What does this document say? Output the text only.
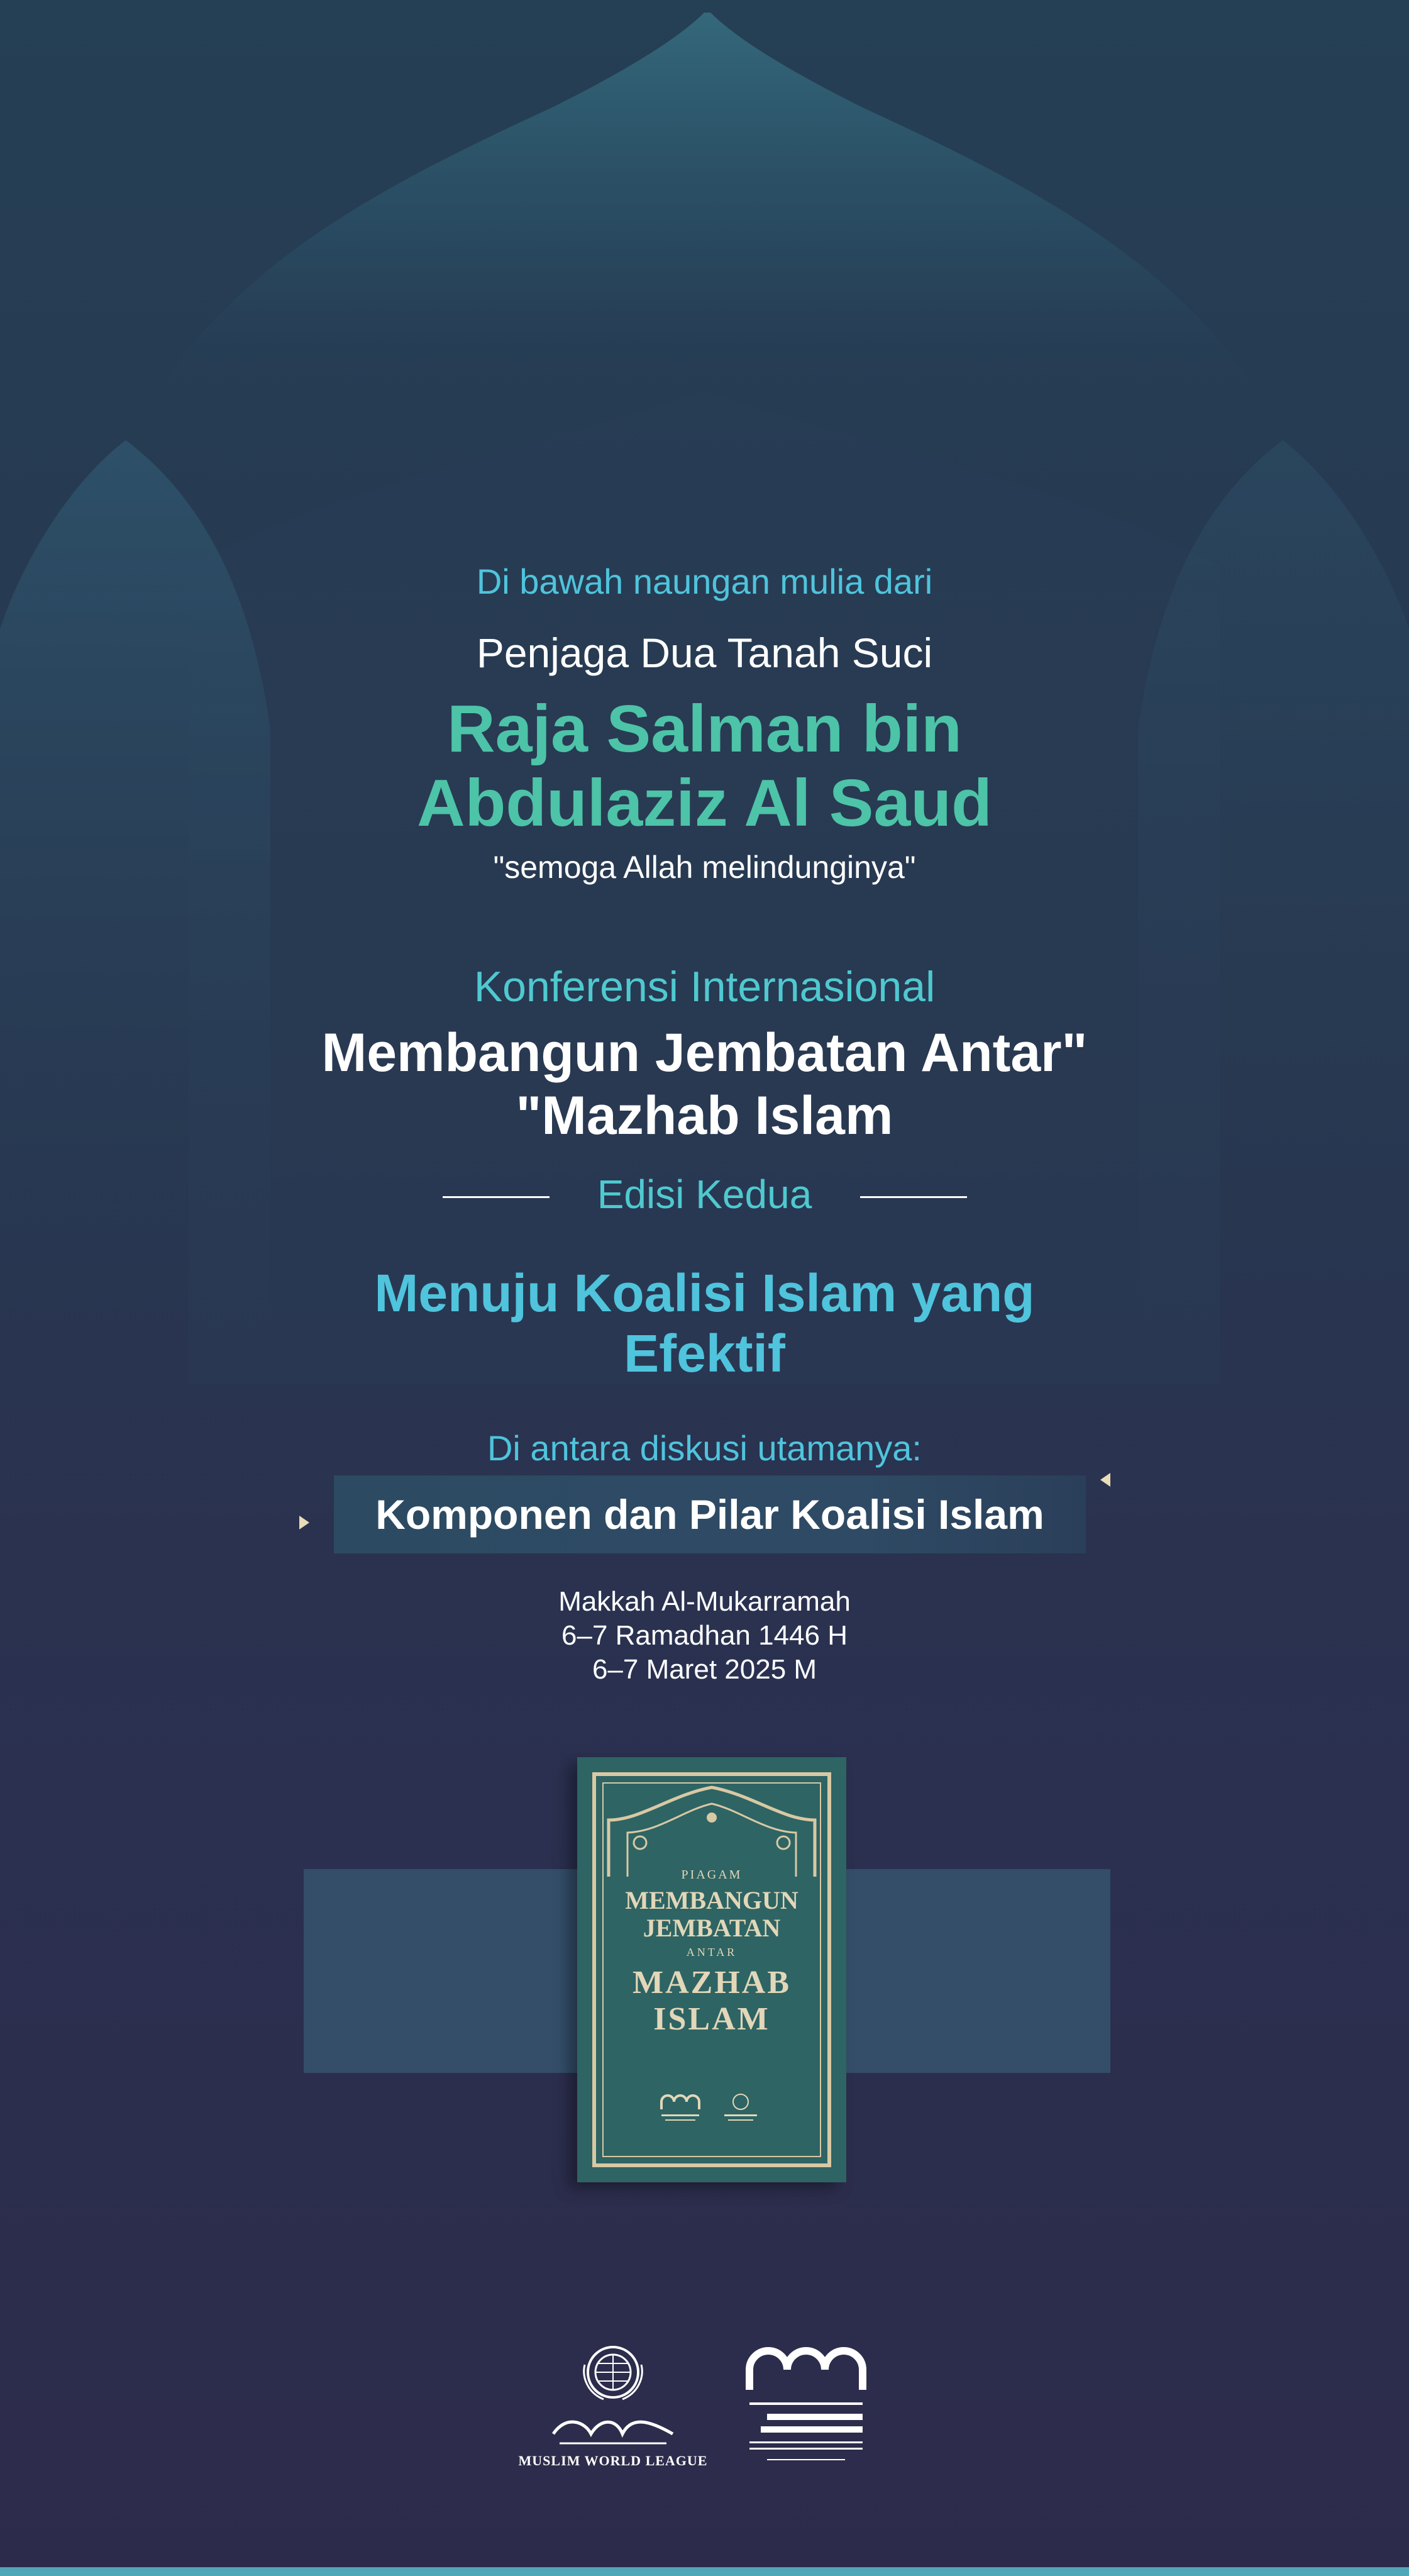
Di bawah naungan mulia dari
Penjaga Dua Tanah Suci
Raja Salman bin
Abdulaziz Al Saud
"semoga Allah melindunginya"
Konferensi Internasional
Membangun Jembatan Antar"
"Mazhab Islam
Edisi Kedua
Menuju Koalisi Islam yang
Efektif
Di antara diskusi utamanya:
Komponen dan Pilar Koalisi Islam
Makkah Al-Mukarramah
6–7 Ramadhan 1446 H
6–7 Maret 2025 M
PIAGAM
MEMBANGUN
JEMBATAN
ANTAR
MAZHAB
ISLAM
MUSLIM WORLD LEAGUE
